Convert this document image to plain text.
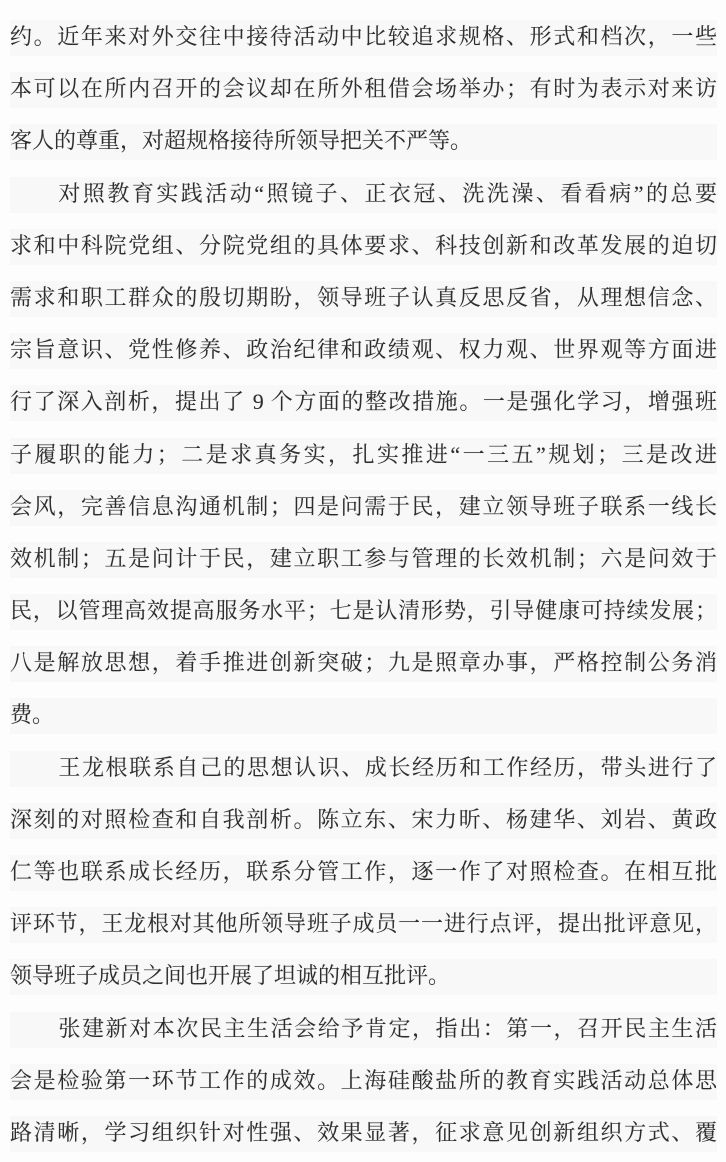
约。近年来对外交往中接待活动中比较追求规格、形式和档次，一些
本可以在所内召开的会议却在所外租借会场举办；有时为表示对来访
客人的尊重，对超规格接待所领导把关不严等。
对照教育实践活动“照镜子、正衣冠、洗洗澡、看看病”的总要
求和中科院党组、分院党组的具体要求、科技创新和改革发展的迫切
需求和职工群众的殷切期盼，领导班子认真反思反省，从理想信念、
宗旨意识、党性修养、政治纪律和政绩观、权力观、世界观等方面进
行了深入剖析，提出了 9 个方面的整改措施。一是强化学习，增强班
子履职的能力；二是求真务实，扎实推进“一三五”规划；三是改进
会风，完善信息沟通机制；四是问需于民，建立领导班子联系一线长
效机制；五是问计于民，建立职工参与管理的长效机制；六是问效于
民，以管理高效提高服务水平；七是认清形势，引导健康可持续发展；
八是解放思想，着手推进创新突破；九是照章办事，严格控制公务消
费。
王龙根联系自己的思想认识、成长经历和工作经历，带头进行了
深刻的对照检查和自我剖析。陈立东、宋力昕、杨建华、刘岩、黄政
仁等也联系成长经历，联系分管工作，逐一作了对照检查。在相互批
评环节，王龙根对其他所领导班子成员一一进行点评，提出批评意见，
领导班子成员之间也开展了坦诚的相互批评。
张建新对本次民主生活会给予肯定，指出：第一，召开民主生活
会是检验第一环节工作的成效。上海硅酸盐所的教育实践活动总体思
路清晰，学习组织针对性强、效果显著，征求意见创新组织方式、覆
